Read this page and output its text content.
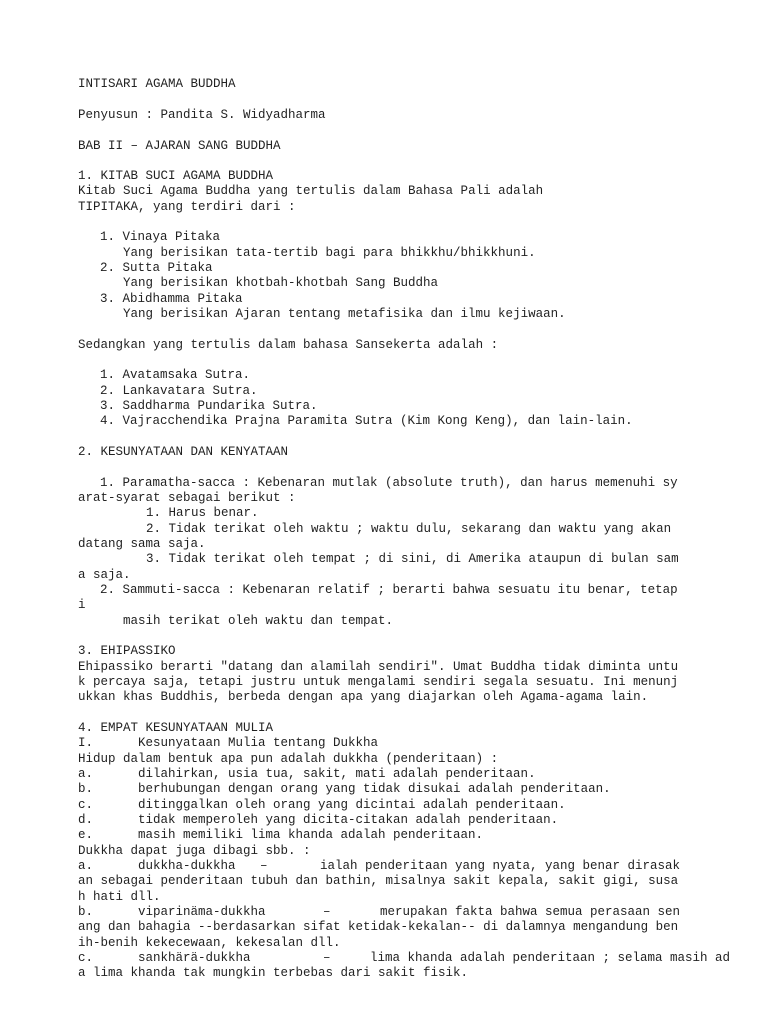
INTISARI AGAMA BUDDHA

Penyusun : Pandita S. Widyadharma

BAB II – AJARAN SANG BUDDHA

1. KITAB SUCI AGAMA BUDDHA

Kitab Suci Agama Buddha yang tertulis dalam Bahasa Pali adalah

TIPITAKA, yang terdiri dari :

1. Vinaya Pitaka

Yang berisikan tata-tertib bagi para bhikkhu/bhikkhuni.

2. Sutta Pitaka

Yang berisikan khotbah-khotbah Sang Buddha

3. Abidhamma Pitaka

Yang berisikan Ajaran tentang metafisika dan ilmu kejiwaan.

Sedangkan yang tertulis dalam bahasa Sansekerta adalah :

1. Avatamsaka Sutra.

2. Lankavatara Sutra.

3. Saddharma Pundarika Sutra.

4. Vajracchendika Prajna Paramita Sutra (Kim Kong Keng), dan lain-lain.

2. KESUNYATAAN DAN KENYATAAN

1. Paramatha-sacca : Kebenaran mutlak (absolute truth), dan harus memenuhi sy

arat-syarat sebagai berikut :

1. Harus benar.

2. Tidak terikat oleh waktu ; waktu dulu, sekarang dan waktu yang akan

datang sama saja.

3. Tidak terikat oleh tempat ; di sini, di Amerika ataupun di bulan sam

a saja.

2. Sammuti-sacca : Kebenaran relatif ; berarti bahwa sesuatu itu benar, tetap

i

masih terikat oleh waktu dan tempat.

3. EHIPASSIKO

Ehipassiko berarti "datang dan alamilah sendiri". Umat Buddha tidak diminta untu

k percaya saja, tetapi justru untuk mengalami sendiri segala sesuatu. Ini menunj

ukkan khas Buddhis, berbeda dengan apa yang diajarkan oleh Agama-agama lain.

4. EMPAT KESUNYATAAN MULIA

I.	Kesunyataan Mulia tentang Dukkha

Hidup dalam bentuk apa pun adalah dukkha (penderitaan) :

a.	dilahirkan, usia tua, sakit, mati adalah penderitaan.

b.	berhubungan dengan orang yang tidak disukai adalah penderitaan.

c.	ditinggalkan oleh orang yang dicintai adalah penderitaan.

d.	tidak memperoleh yang dicita-citakan adalah penderitaan.

e.	masih memiliki lima khanda adalah penderitaan.

Dukkha dapat juga dibagi sbb. :

a.	dukkha-dukkha –	ialah penderitaan yang nyata, yang benar dirasak

an sebagai penderitaan tubuh dan bathin, misalnya sakit kepala, sakit gigi, susa

h hati dll.

b.	viparinäma-dukkha	–	merupakan fakta bahwa semua perasaan sen

ang dan bahagia --berdasarkan sifat ketidak-kekalan-- di dalamnya mengandung ben

ih-benih kekecewaan, kekesalan dll.

c.	sankhärä-dukkha	–	lima khanda adalah penderitaan ; selama masih ad

a lima khanda tak mungkin terbebas dari sakit fisik.
